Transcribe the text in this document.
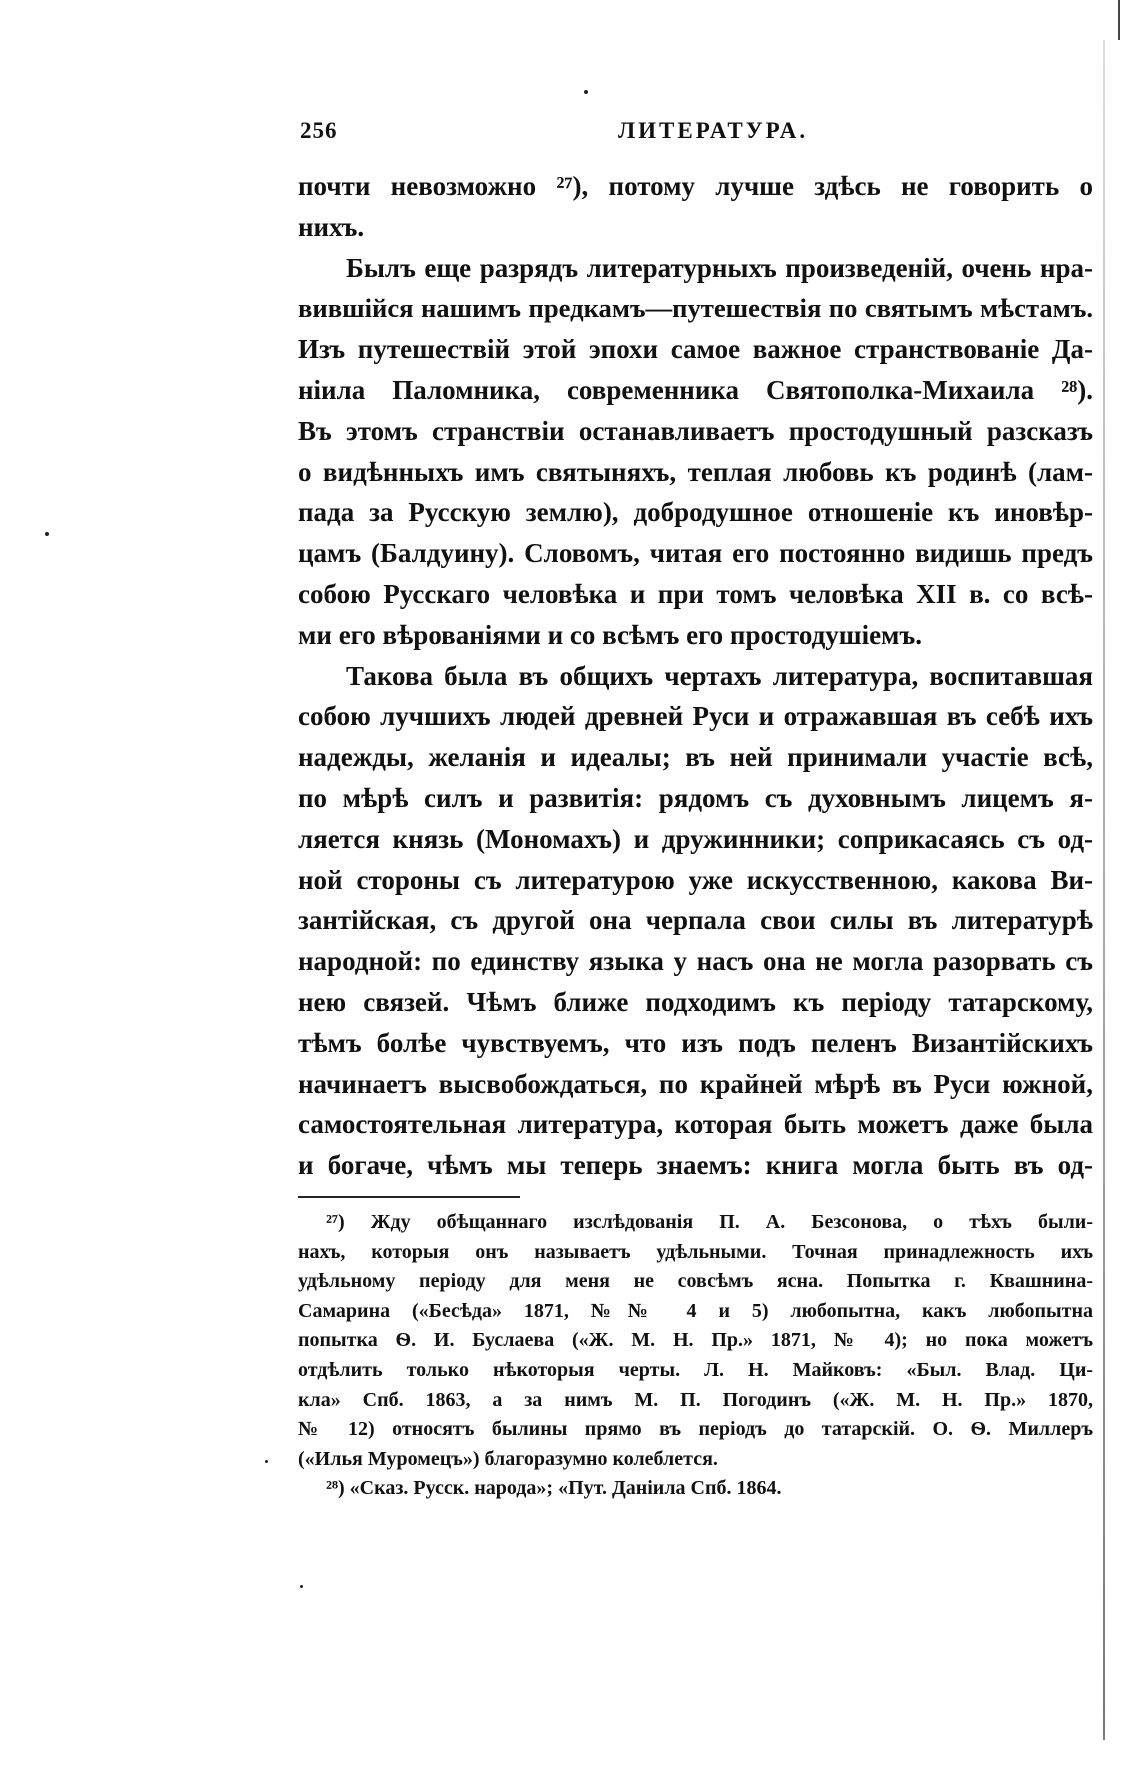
256	ЛИТЕРАТУРА.
почти невозможно ²⁷), потому лучше здѣсь не говорить о
нихъ.
Былъ еще разрядъ литературныхъ произведеній, очень нра-
вившійся нашимъ предкамъ—путешествія по святымъ мѣстамъ.
Изъ путешествій этой эпохи самое важное странствованіе Да-
ніила Паломника, современника Святополка-Михаила ²⁸).
Въ этомъ странствіи останавливаетъ простодушный разсказъ
о видѣнныхъ имъ святыняхъ, теплая любовь къ родинѣ (лам-
пада за Русскую землю), добродушное отношеніе къ иновѣр-
цамъ (Балдуину). Словомъ, читая его постоянно видишь предъ
собою Русскаго человѣка и при томъ человѣка XII в. со всѣ-
ми его вѣрованіями и со всѣмъ его простодушіемъ.
Такова была въ общихъ чертахъ литература, воспитавшая
собою лучшихъ людей древней Руси и отражавшая въ себѣ ихъ
надежды, желанія и идеалы; въ ней принимали участіе всѣ,
по мѣрѣ силъ и развитія: рядомъ съ духовнымъ лицемъ я-
ляется князь (Мономахъ) и дружинники; соприкасаясь съ од-
ной стороны съ литературою уже искусственною, какова Ви-
зантійская, съ другой она черпала свои силы въ литературѣ
народной: по единству языка у насъ она не могла разорвать съ
нею связей. Чѣмъ ближе подходимъ къ періоду татарскому,
тѣмъ болѣе чувствуемъ, что изъ подъ пеленъ Византійскихъ
начинаетъ высвобождаться, по крайней мѣрѣ въ Руси южной,
самостоятельная литература, которая быть можетъ даже была
и богаче, чѣмъ мы теперь знаемъ: книга могла быть въ од-
²⁷) Жду обѣщаннаго изслѣдованія П. А. Безсонова, о тѣхъ были-
нахъ, которыя онъ называетъ удѣльными. Точная принадлежность ихъ
удѣльному періоду для меня не совсѣмъ ясна. Попытка г. Квашнина-
Самарина («Бесѣда» 1871, №№ 4 и 5) любопытна, какъ любопытна
попытка Ѳ. И. Буслаева («Ж. М. Н. Пр.» 1871, № 4); но пока можетъ
отдѣлить только нѣкоторыя черты. Л. Н. Майковъ: «Был. Влад. Ци-
кла» Спб. 1863, а за нимъ М. П. Погодинъ («Ж. М. Н. Пр.» 1870,
№ 12) относятъ былины прямо въ періодъ до татарскій. О. Ѳ. Миллеръ
(«Илья Муромецъ») благоразумно колеблется.
²⁸) «Сказ. Русск. народа»; «Пут. Даніила Спб. 1864.
